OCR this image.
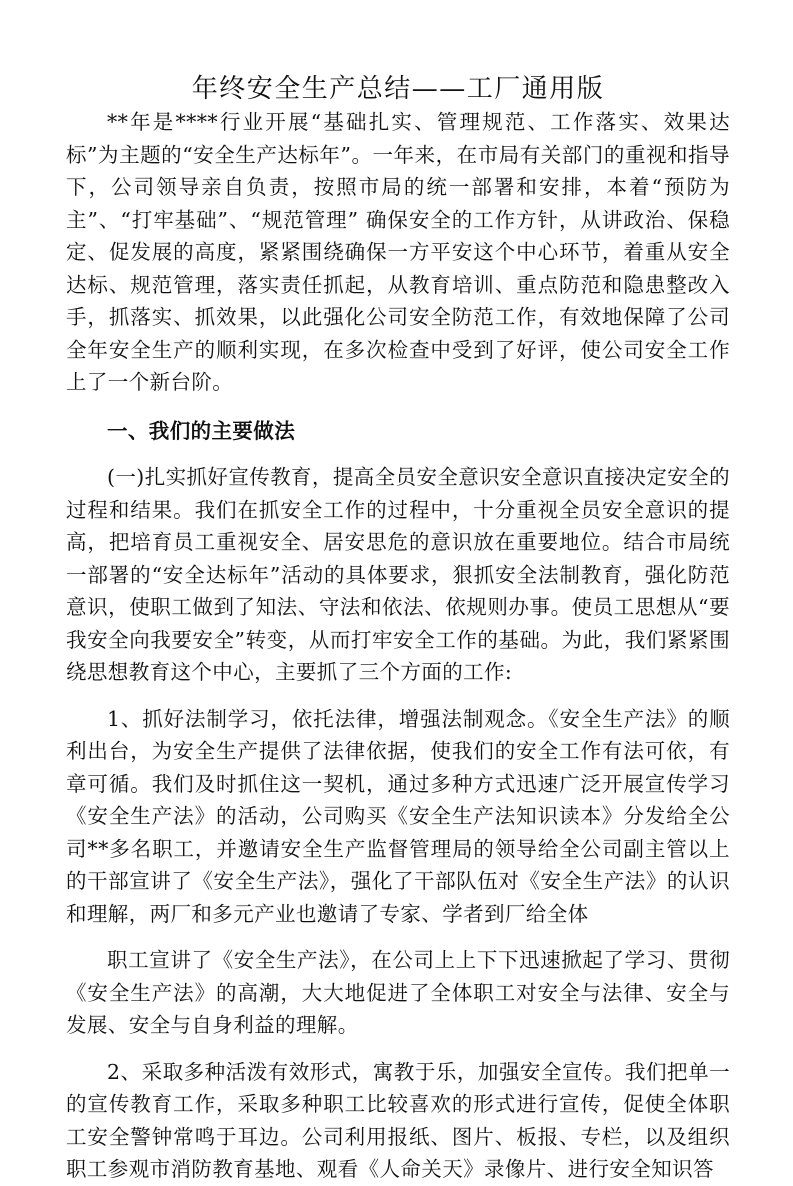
年终安全生产总结——工厂通用版

**年是****行业开展“基础扎实、管理规范、工作落实、效果达标”为主题的“安全生产达标年”。一年来，在市局有关部门的重视和指导下，公司领导亲自负责，按照市局的统一部署和安排，本着“预防为主”、“打牢基础”、“规范管理” 确保安全的工作方针，从讲政治、保稳定、促发展的高度，紧紧围绕确保一方平安这个中心环节，着重从安全达标、规范管理，落实责任抓起，从教育培训、重点防范和隐患整改入手，抓落实、抓效果，以此强化公司安全防范工作，有效地保障了公司全年安全生产的顺利实现，在多次检查中受到了好评，使公司安全工作上了一个新台阶。

一、我们的主要做法

(一)扎实抓好宣传教育，提高全员安全意识安全意识直接决定安全的过程和结果。我们在抓安全工作的过程中，十分重视全员安全意识的提高，把培育员工重视安全、居安思危的意识放在重要地位。结合市局统一部署的“安全达标年”活动的具体要求，狠抓安全法制教育，强化防范意识，使职工做到了知法、守法和依法、依规则办事。使员工思想从“要我安全向我要安全”转变，从而打牢安全工作的基础。为此，我们紧紧围绕思想教育这个中心，主要抓了三个方面的工作:

1、抓好法制学习，依托法律，增强法制观念。《安全生产法》的顺利出台，为安全生产提供了法律依据，使我们的安全工作有法可依，有章可循。我们及时抓住这一契机，通过多种方式迅速广泛开展宣传学习《安全生产法》的活动，公司购买《安全生产法知识读本》分发给全公司**多名职工，并邀请安全生产监督管理局的领导给全公司副主管以上的干部宣讲了《安全生产法》，强化了干部队伍对《安全生产法》的认识和理解，两厂和多元产业也邀请了专家、学者到厂给全体

职工宣讲了《安全生产法》，在公司上上下下迅速掀起了学习、贯彻《安全生产法》的高潮，大大地促进了全体职工对安全与法律、安全与发展、安全与自身利益的理解。

2、采取多种活泼有效形式，寓教于乐，加强安全宣传。我们把单一的宣传教育工作，采取多种职工比较喜欢的形式进行宣传，促使全体职工安全警钟常鸣于耳边。公司利用报纸、图片、板报、专栏，以及组织职工参观市消防教育基地、观看《人命关天》录像片、进行安全知识答
